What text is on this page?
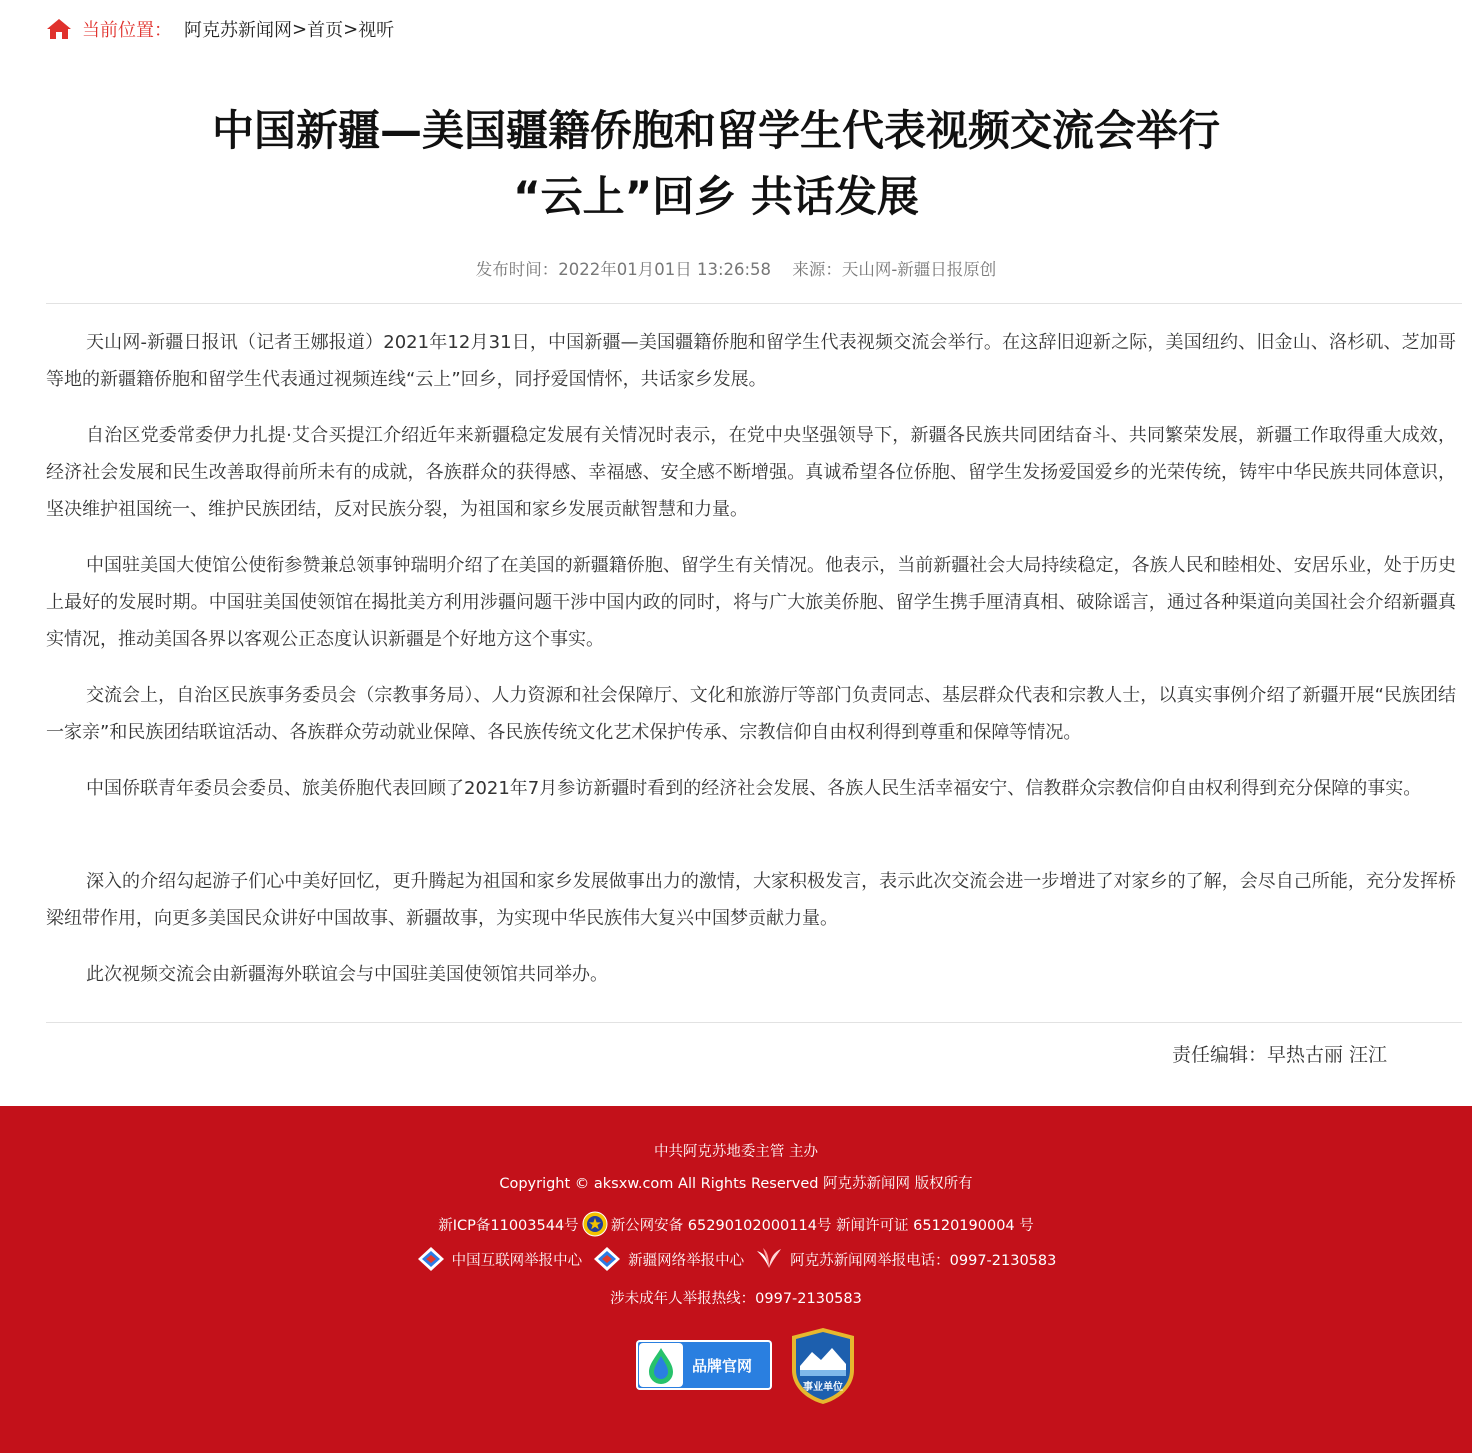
当前位置： 阿克苏新闻网 > 首页 > 视听
中国新疆—美国疆籍侨胞和留学生代表视频交流会举行
“云上”回乡 共话发展
发布时间：2022年01月01日 13:26:58 来源：天山网-新疆日报原创

天山网-新疆日报讯（记者王娜报道）2021年12月31日，中国新疆—美国疆籍侨胞和留学生代表视频交流会举行。在这辞旧迎新之际，美国纽约、旧金山、洛杉矶、芝加哥等地的新疆籍侨胞和留学生代表通过视频连线“云上”回乡，同抒爱国情怀，共话家乡发展。

自治区党委常委伊力扎提·艾合买提江介绍近年来新疆稳定发展有关情况时表示，在党中央坚强领导下，新疆各民族共同团结奋斗、共同繁荣发展，新疆工作取得重大成效，经济社会发展和民生改善取得前所未有的成就，各族群众的获得感、幸福感、安全感不断增强。真诚希望各位侨胞、留学生发扬爱国爱乡的光荣传统，铸牢中华民族共同体意识，坚决维护祖国统一、维护民族团结，反对民族分裂，为祖国和家乡发展贡献智慧和力量。

中国驻美国大使馆公使衔参赞兼总领事钟瑞明介绍了在美国的新疆籍侨胞、留学生有关情况。他表示，当前新疆社会大局持续稳定，各族人民和睦相处、安居乐业，处于历史上最好的发展时期。中国驻美国使领馆在揭批美方利用涉疆问题干涉中国内政的同时，将与广大旅美侨胞、留学生携手厘清真相、破除谣言，通过各种渠道向美国社会介绍新疆真实情况，推动美国各界以客观公正态度认识新疆是个好地方这个事实。

交流会上，自治区民族事务委员会（宗教事务局）、人力资源和社会保障厅、文化和旅游厅等部门负责同志、基层群众代表和宗教人士，以真实事例介绍了新疆开展“民族团结一家亲”和民族团结联谊活动、各族群众劳动就业保障、各民族传统文化艺术保护传承、宗教信仰自由权利得到尊重和保障等情况。

中国侨联青年委员会委员、旅美侨胞代表回顾了2021年7月参访新疆时看到的经济社会发展、各族人民生活幸福安宁、信教群众宗教信仰自由权利得到充分保障的事实。

深入的介绍勾起游子们心中美好回忆，更升腾起为祖国和家乡发展做事出力的激情，大家积极发言，表示此次交流会进一步增进了对家乡的了解，会尽自己所能，充分发挥桥梁纽带作用，向更多美国民众讲好中国故事、新疆故事，为实现中华民族伟大复兴中国梦贡献力量。

此次视频交流会由新疆海外联谊会与中国驻美国使领馆共同举办。

责任编辑：早热古丽 汪江
中共阿克苏地委主管 主办
Copyright © aksxw.com All Rights Reserved 阿克苏新闻网 版权所有
新ICP备11003544号 新公网安备 65290102000114号 新闻许可证 65120190004 号
中国互联网举报中心	新疆网络举报中心	阿克苏新闻网举报电话：0997-2130583
涉未成年人举报热线：0997-2130583
品牌官网
事业单位
